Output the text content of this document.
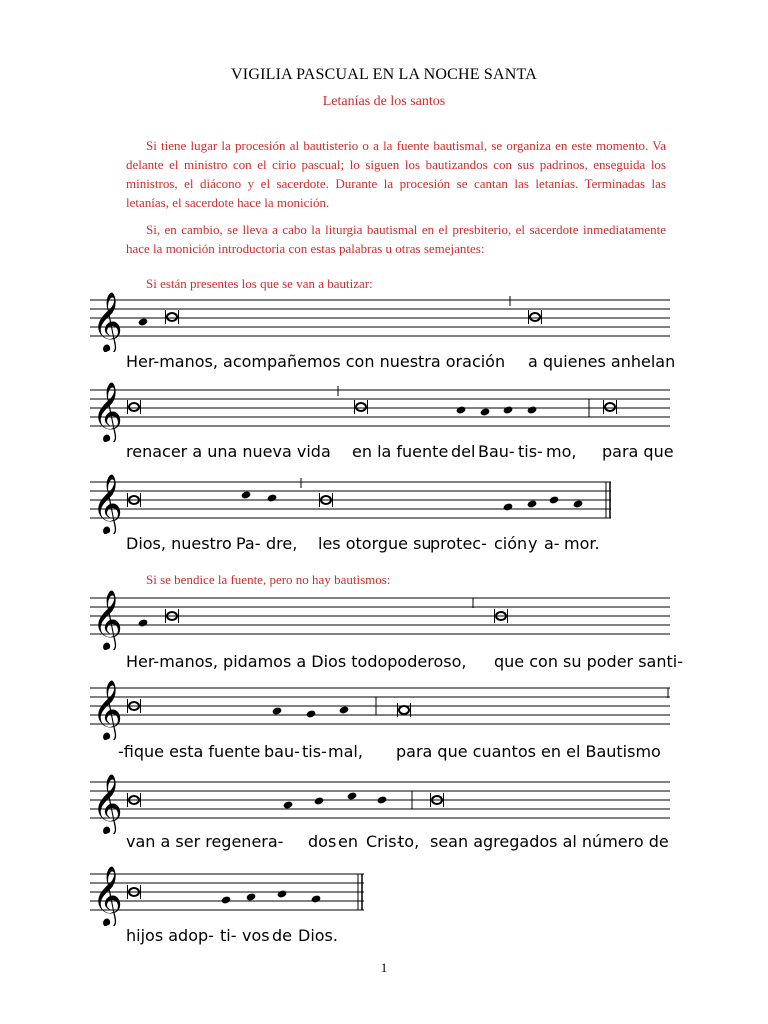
VIGILIA PASCUAL EN LA NOCHE SANTA
Letanías de los santos
Si tiene lugar la procesión al bautisterio o a la fuente bautismal, se organiza en este momento. Va delante el ministro con el cirio pascual; lo siguen los bautizandos con sus padrinos, enseguida los ministros, el diácono y el sacerdote. Durante la procesión se cantan las letanías. Terminadas las letanías, el sacerdote hace la monición.
Si, en cambio, se lleva a cabo la liturgia bautismal en el presbiterio, el sacerdote inmediatamente hace la monición introductoria con estas palabras u otras semejantes:
Si están presentes los que se van a bautizar:
Si se bendice la fuente, pero no hay bautismos:
𝄞
Her-manos, acompañemos con nuestra oración a quienes anhelan
𝄞
renacer a una nueva vida en la fuente del Bau- tis- mo, para que
𝄞
Dios, nuestro Pa- dre, les otorgue su
protec- ción y a- mor.
𝄞
Her-manos, pidamos a Dios todopoderoso, que con su poder santi-
𝄞
-fique esta fuente bau- tis- mal, para que cuantos en el Bautismo
𝄞
van a ser regenera- dos en Cris-
to, sean agregados al número de
𝄞
hijos adop- ti- vos de Dios.
1
